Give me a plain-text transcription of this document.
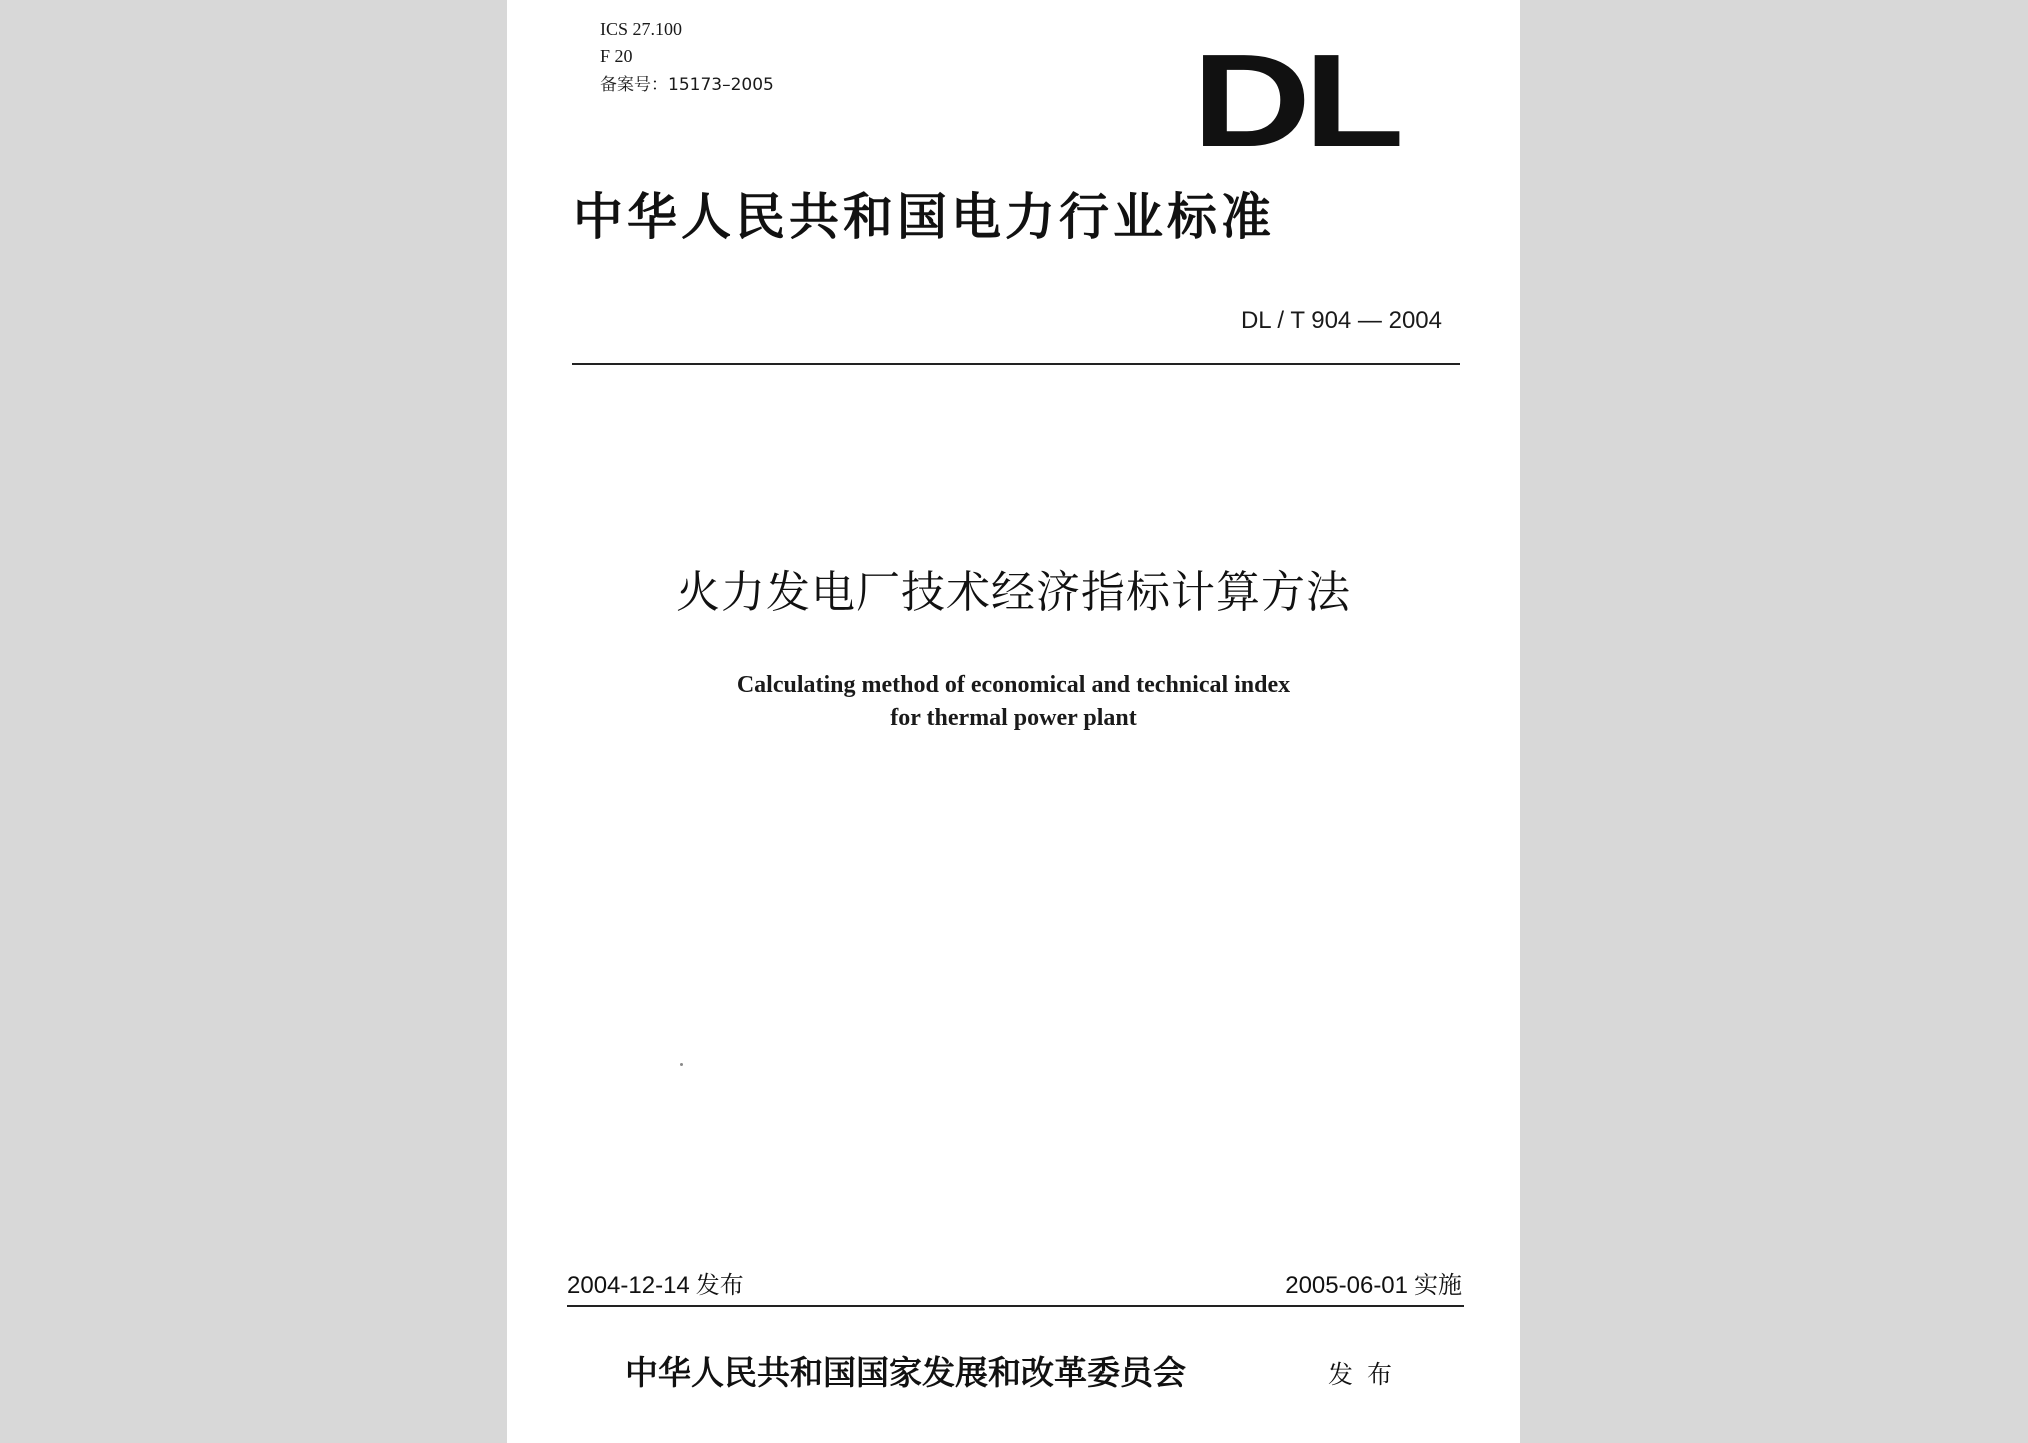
ICS 27.100
F 20
备案号：15173–2005	DL
中华人民共和国电力行业标准
DL / T 904 — 2004
火力发电厂技术经济指标计算方法
Calculating method of economical and technical index
for thermal power plant
2004-12-14 发布	2005-06-01 实施
中华人民共和国国家发展和改革委员会	发布
